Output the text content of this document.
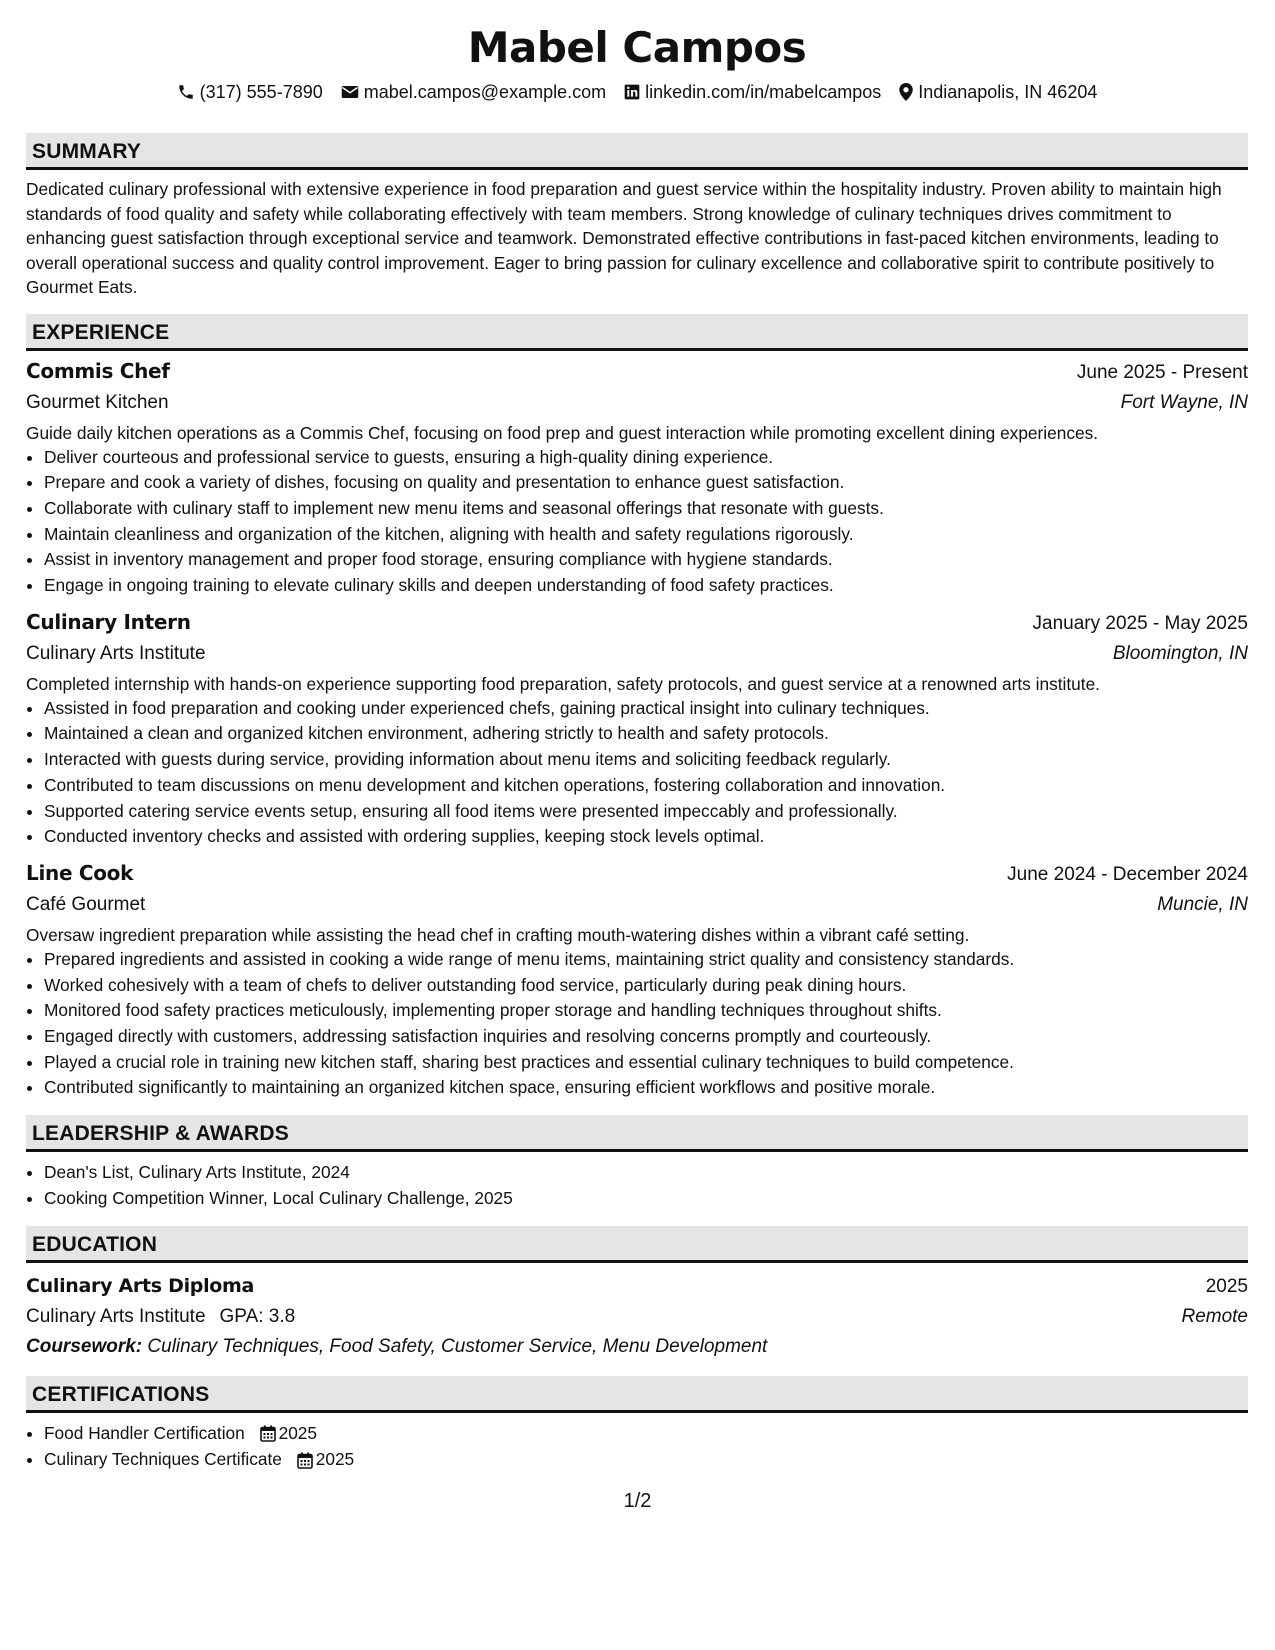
Mabel Campos
(317) 555-7890 mabel.campos@example.com linkedin.com/in/mabelcampos Indianapolis, IN 46204
SUMMARY
Dedicated culinary professional with extensive experience in food preparation and guest service within the hospitality industry. Proven ability to maintain high standards of food quality and safety while collaborating effectively with team members. Strong knowledge of culinary techniques drives commitment to enhancing guest satisfaction through exceptional service and teamwork. Demonstrated effective contributions in fast-paced kitchen environments, leading to overall operational success and quality control improvement. Eager to bring passion for culinary excellence and collaborative spirit to contribute positively to Gourmet Eats.
EXPERIENCE
Commis Chef	June 2025 - Present
Gourmet Kitchen	Fort Wayne, IN
Guide daily kitchen operations as a Commis Chef, focusing on food prep and guest interaction while promoting excellent dining experiences.
• Deliver courteous and professional service to guests, ensuring a high-quality dining experience.
• Prepare and cook a variety of dishes, focusing on quality and presentation to enhance guest satisfaction.
• Collaborate with culinary staff to implement new menu items and seasonal offerings that resonate with guests.
• Maintain cleanliness and organization of the kitchen, aligning with health and safety regulations rigorously.
• Assist in inventory management and proper food storage, ensuring compliance with hygiene standards.
• Engage in ongoing training to elevate culinary skills and deepen understanding of food safety practices.
Culinary Intern	January 2025 - May 2025
Culinary Arts Institute	Bloomington, IN
Completed internship with hands-on experience supporting food preparation, safety protocols, and guest service at a renowned arts institute.
• Assisted in food preparation and cooking under experienced chefs, gaining practical insight into culinary techniques.
• Maintained a clean and organized kitchen environment, adhering strictly to health and safety protocols.
• Interacted with guests during service, providing information about menu items and soliciting feedback regularly.
• Contributed to team discussions on menu development and kitchen operations, fostering collaboration and innovation.
• Supported catering service events setup, ensuring all food items were presented impeccably and professionally.
• Conducted inventory checks and assisted with ordering supplies, keeping stock levels optimal.
Line Cook	June 2024 - December 2024
Café Gourmet	Muncie, IN
Oversaw ingredient preparation while assisting the head chef in crafting mouth-watering dishes within a vibrant café setting.
• Prepared ingredients and assisted in cooking a wide range of menu items, maintaining strict quality and consistency standards.
• Worked cohesively with a team of chefs to deliver outstanding food service, particularly during peak dining hours.
• Monitored food safety practices meticulously, implementing proper storage and handling techniques throughout shifts.
• Engaged directly with customers, addressing satisfaction inquiries and resolving concerns promptly and courteously.
• Played a crucial role in training new kitchen staff, sharing best practices and essential culinary techniques to build competence.
• Contributed significantly to maintaining an organized kitchen space, ensuring efficient workflows and positive morale.
LEADERSHIP & AWARDS
• Dean's List, Culinary Arts Institute, 2024
• Cooking Competition Winner, Local Culinary Challenge, 2025
EDUCATION
Culinary Arts Diploma	2025
Culinary Arts Institute GPA: 3.8	Remote
Coursework: Culinary Techniques, Food Safety, Customer Service, Menu Development
CERTIFICATIONS
• Food Handler Certification 2025
• Culinary Techniques Certificate 2025
1/2
